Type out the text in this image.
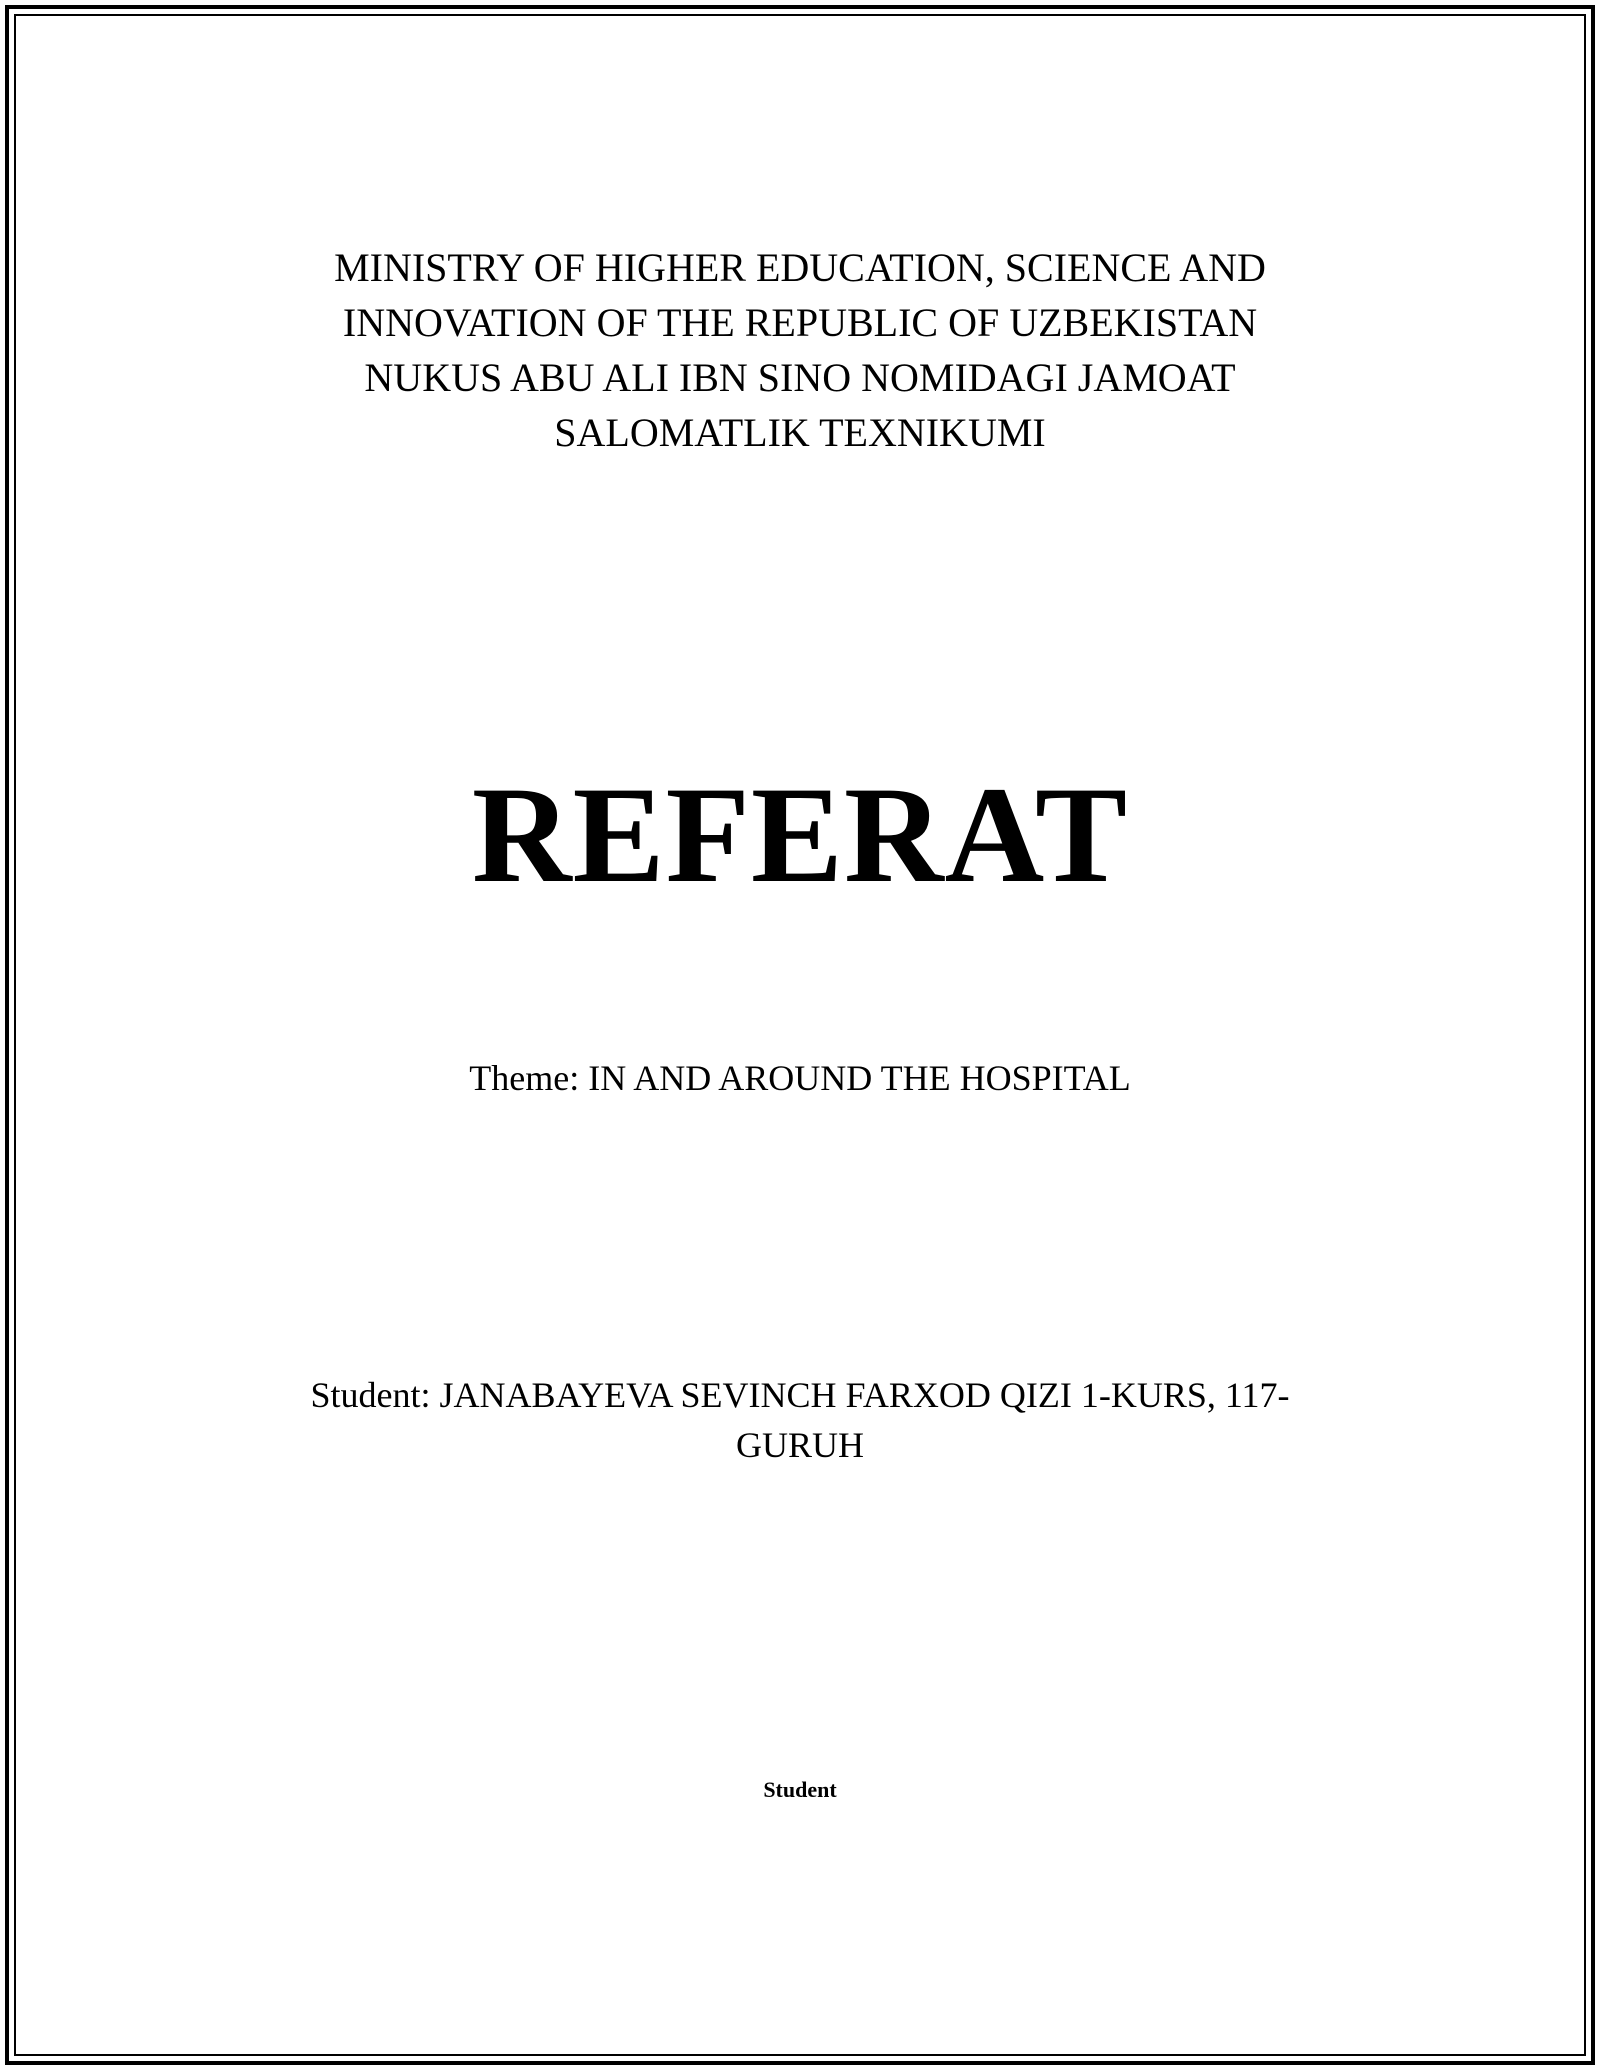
MINISTRY OF HIGHER EDUCATION, SCIENCE AND
INNOVATION OF THE REPUBLIC OF UZBEKISTAN
NUKUS ABU ALI IBN SINO NOMIDAGI JAMOAT
SALOMATLIK TEXNIKUMI
REFERAT
Theme: IN AND AROUND THE HOSPITAL
Student: JANABAYEVA SEVINCH FARXOD QIZI 1-KURS, 117-
GURUH
Student
